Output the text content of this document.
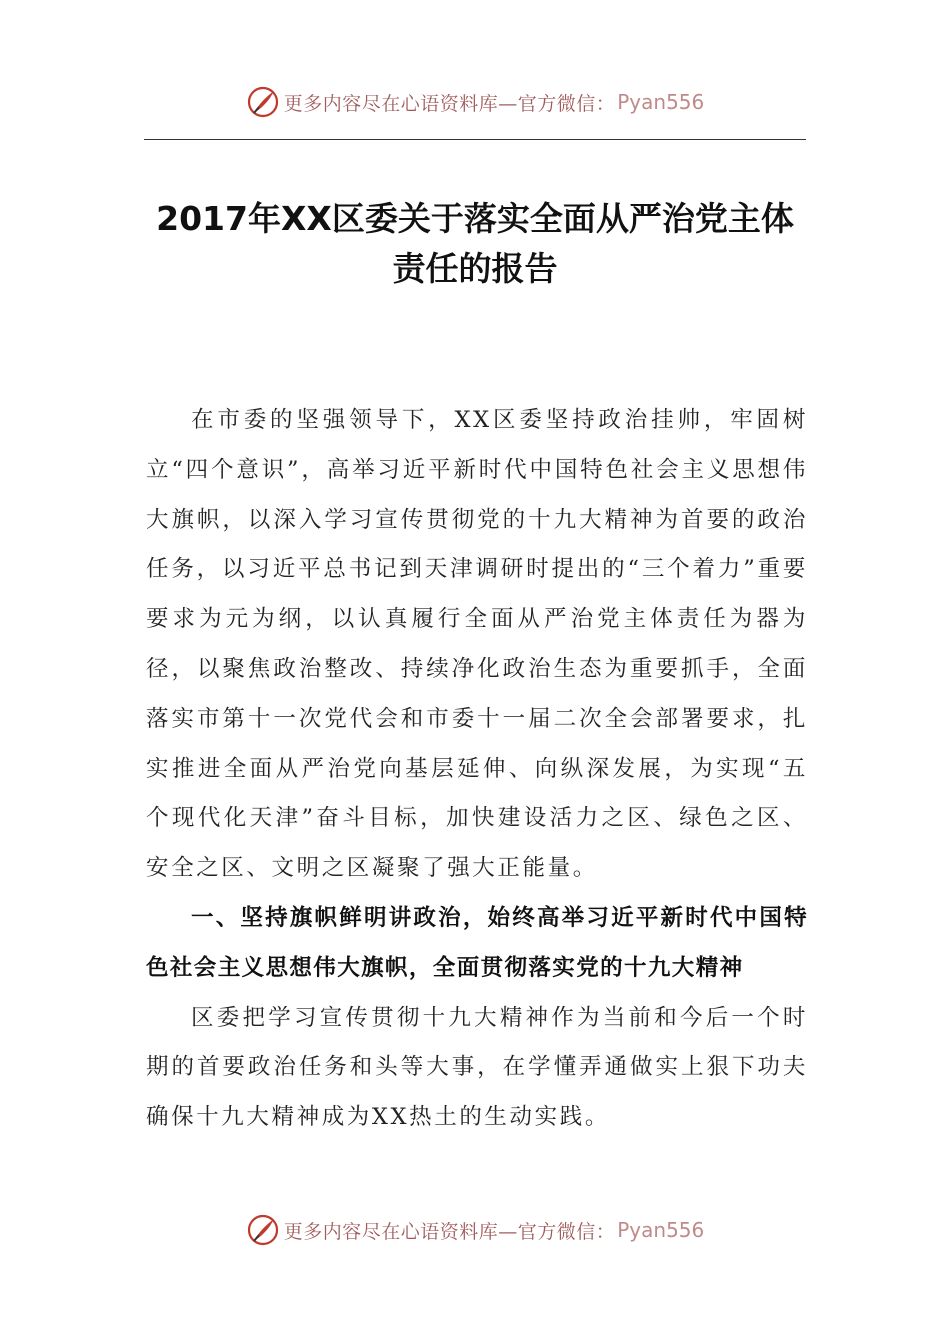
更多内容尽在心语资料库—官方微信： Pyan556
2017年XX区委关于落实全面从严治党主体
责任的报告

在市委的坚强领导下，XX区委坚持政治挂帅，牢固树立“四个意识”，高举习近平新时代中国特色社会主义思想伟大旗帜，以深入学习宣传贯彻党的十九大精神为首要的政治任务，以习近平总书记到天津调研时提出的“三个着力”重要要求为元为纲，以认真履行全面从严治党主体责任为器为径，以聚焦政治整改、持续净化政治生态为重要抓手，全面落实市第十一次党代会和市委十一届二次全会部署要求，扎实推进全面从严治党向基层延伸、向纵深发展，为实现“五个现代化天津”奋斗目标，加快建设活力之区、绿色之区、安全之区、文明之区凝聚了强大正能量。

一、坚持旗帜鲜明讲政治，始终高举习近平新时代中国特色社会主义思想伟大旗帜，全面贯彻落实党的十九大精神

区委把学习宣传贯彻十九大精神作为当前和今后一个时期的首要政治任务和头等大事，在学懂弄通做实上狠下功夫确保十九大精神成为XX热土的生动实践。

更多内容尽在心语资料库—官方微信： Pyan556
